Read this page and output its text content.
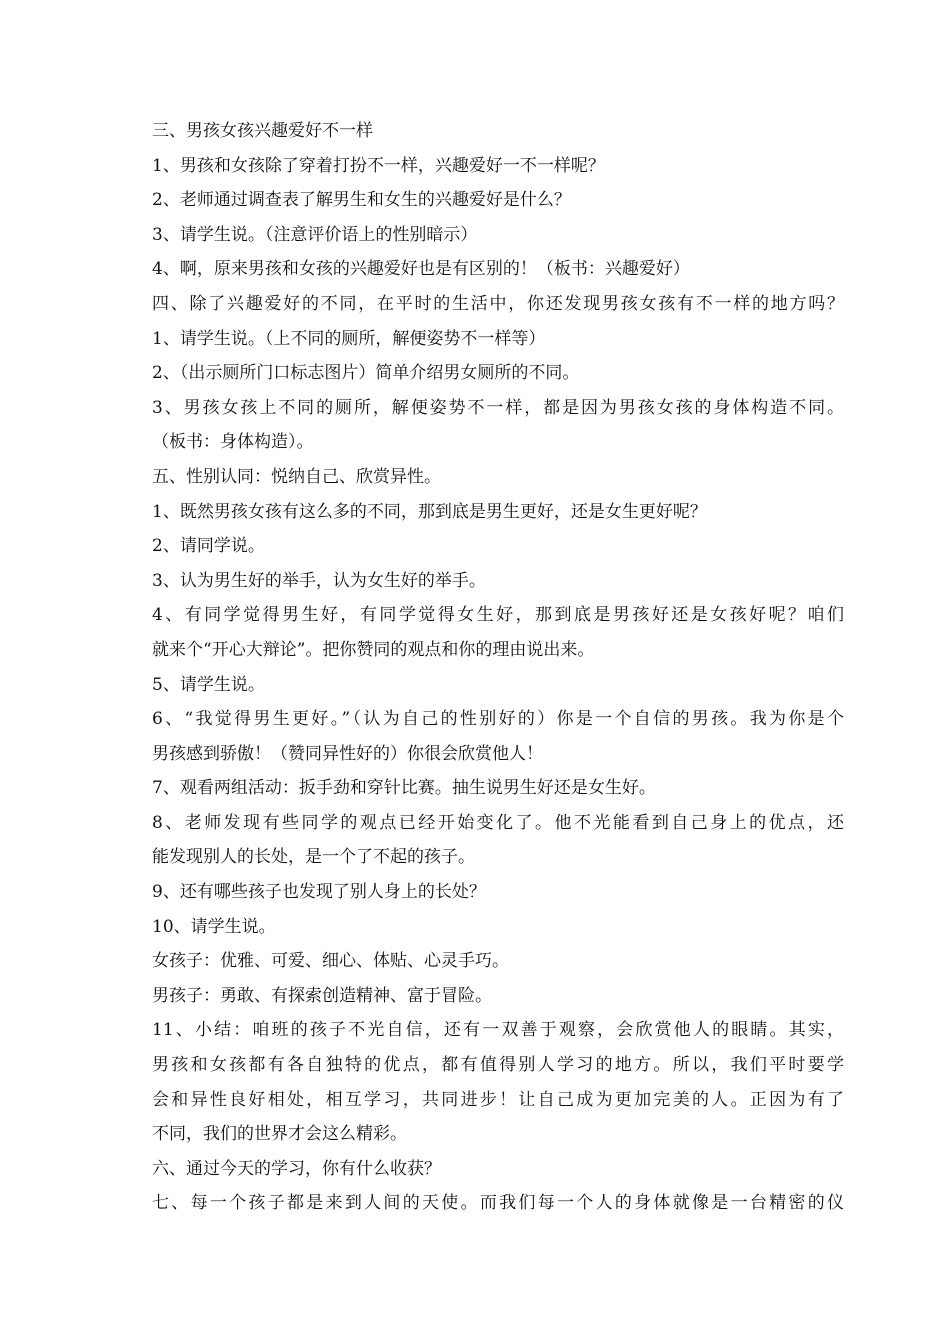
三、男孩女孩兴趣爱好不一样
1、男孩和女孩除了穿着打扮不一样，兴趣爱好一不一样呢？
2、老师通过调查表了解男生和女生的兴趣爱好是什么？
3、请学生说。（注意评价语上的性别暗示）
4、啊，原来男孩和女孩的兴趣爱好也是有区别的！（板书：兴趣爱好）
四、除了兴趣爱好的不同，在平时的生活中，你还发现男孩女孩有不一样的地方吗？
1、请学生说。（上不同的厕所，解便姿势不一样等）
2、（出示厕所门口标志图片）简单介绍男女厕所的不同。
3、男孩女孩上不同的厕所，解便姿势不一样，都是因为男孩女孩的身体构造不同。
（板书：身体构造）。
五、性别认同：悦纳自己、欣赏异性。
1、既然男孩女孩有这么多的不同，那到底是男生更好，还是女生更好呢？
2、请同学说。
3、认为男生好的举手，认为女生好的举手。
4、有同学觉得男生好，有同学觉得女生好，那到底是男孩好还是女孩好呢？咱们
就来个“开心大辩论”。把你赞同的观点和你的理由说出来。
5、请学生说。
6、“我觉得男生更好。”（认为自己的性别好的）你是一个自信的男孩。我为你是个
男孩感到骄傲！（赞同异性好的）你很会欣赏他人！
7、观看两组活动：扳手劲和穿针比赛。抽生说男生好还是女生好。
8、老师发现有些同学的观点已经开始变化了。他不光能看到自己身上的优点，还
能发现别人的长处，是一个了不起的孩子。
9、还有哪些孩子也发现了别人身上的长处？
10、请学生说。
女孩子：优雅、可爱、细心、体贴、心灵手巧。
男孩子：勇敢、有探索创造精神、富于冒险。
11、小结：咱班的孩子不光自信，还有一双善于观察，会欣赏他人的眼睛。其实，
男孩和女孩都有各自独特的优点，都有值得别人学习的地方。所以，我们平时要学
会和异性良好相处，相互学习，共同进步！让自己成为更加完美的人。正因为有了
不同，我们的世界才会这么精彩。
六、通过今天的学习，你有什么收获？
七、每一个孩子都是来到人间的天使。而我们每一个人的身体就像是一台精密的仪
